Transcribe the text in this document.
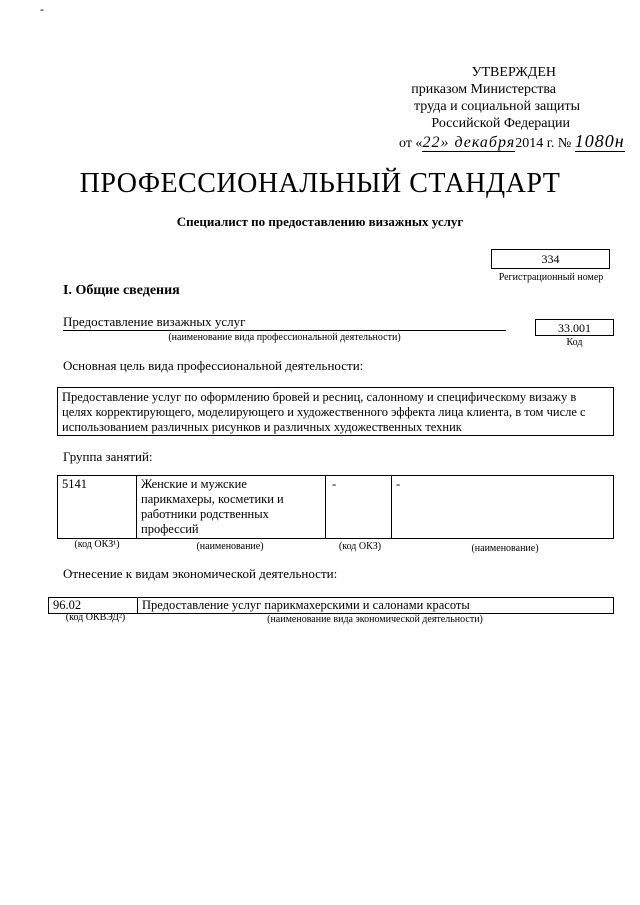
-
УТВЕРЖДЕН
приказом Министерства
труда и социальной защиты
Российской Федерации
от «22» декабря2014 г. № 1080н
ПРОФЕССИОНАЛЬНЫЙ СТАНДАРТ
Специалист по предоставлению визажных услуг
334
Регистрационный номер
I. Общие сведения
Предоставление визажных услуг
(наименование вида профессиональной деятельности)
33.001
Код
Основная цель вида профессиональной деятельности:
Предоставление услуг по оформлению бровей и ресниц, салонному и специфическому визажу в целях корректирующего, моделирующего и художественного эффекта лица клиента, в том числе с использованием различных рисунков и различных художественных техник
Группа занятий:
5141	Женские и мужские парикмахеры, косметики и работники родственных профессий	-	-
(код ОКЗ¹)	(наименование)	(код ОКЗ)	(наименование)
Отнесение к видам экономической деятельности:
96.02	Предоставление услуг парикмахерскими и салонами красоты
(код ОКВЭД²)	(наименование вида экономической деятельности)
